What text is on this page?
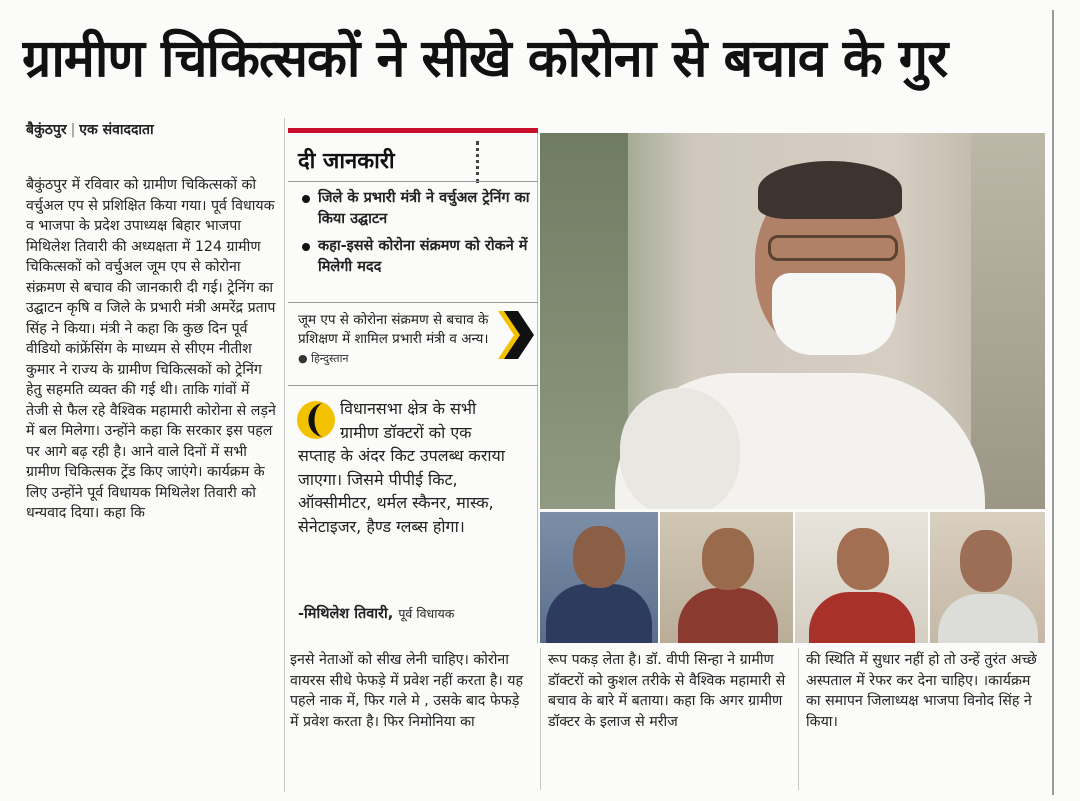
ग्रामीण चिकित्सकों ने सीखे कोरोना से बचाव के गुर
बैकुंठपुर | एक संवाददाता
बैकुंठपुर में रविवार को ग्रामीण चिकित्सकों को वर्चुअल एप से प्रशिक्षित किया गया। पूर्व विधायक व भाजपा के प्रदेश उपाध्यक्ष बिहार भाजपा मिथिलेश तिवारी की अध्यक्षता में 124 ग्रामीण चिकित्सकों को वर्चुअल जूम एप से कोरोना संक्रमण से बचाव की जानकारी दी गई। ट्रेनिंग का उद्घाटन कृषि व जिले के प्रभारी मंत्री अमरेंद्र प्रताप सिंह ने किया। मंत्री ने कहा कि कुछ दिन पूर्व वीडियो कांफ्रेंसिंग के माध्यम से सीएम नीतीश कुमार ने राज्य के ग्रामीण चिकित्सकों को ट्रेनिंग हेतु सहमति व्यक्त की गई थी। ताकि गांवों में तेजी से फैल रहे वैश्विक महामारी कोरोना से लड़ने में बल मिलेगा। उन्होंने कहा कि सरकार इस पहल पर आगे बढ़ रही है। आने वाले दिनों में सभी ग्रामीण चिकित्सक ट्रेंड किए जाएंगे। कार्यक्रम के लिए उन्होंने पूर्व विधायक मिथिलेश तिवारी को धन्यवाद दिया। कहा कि
दी जानकारी
जिले के प्रभारी मंत्री ने वर्चुअल ट्रेनिंग का किया उद्घाटन
कहा-इससे कोरोना संक्रमण को रोकने में मिलेगी मदद
जूम एप से कोरोना संक्रमण से बचाव के प्रशिक्षण में शामिल प्रभारी मंत्री व अन्य। ● हिन्दुस्तान
विधानसभा क्षेत्र के सभी
ग्रामीण डॉक्टरों को एक
सप्ताह के अंदर किट उपलब्ध कराया जाएगा। जिसमे पीपीई किट, ऑक्सीमीटर, थर्मल स्कैनर, मास्क, सेनेटाइजर, हैण्ड ग्लब्स होगा।
-मिथिलेश तिवारी, पूर्व विधायक
इनसे नेताओं को सीख लेनी चाहिए। कोरोना वायरस सीधे फेफड़े में प्रवेश नहीं करता है। यह पहले नाक में, फिर गले मे , उसके बाद फेफड़े में प्रवेश करता है। फिर निमोनिया का
रूप पकड़ लेता है। डॉ. वीपी सिन्हा ने ग्रामीण डॉक्टरों को कुशल तरीके से वैश्विक महामारी से बचाव के बारे में बताया। कहा कि अगर ग्रामीण डॉक्टर के इलाज से मरीज
की स्थिति में सुधार नहीं हो तो उन्हें तुरंत अच्छे अस्पताल में रेफर कर देना चाहिए। ।कार्यक्रम का समापन जिलाध्यक्ष भाजपा विनोद सिंह ने किया।
